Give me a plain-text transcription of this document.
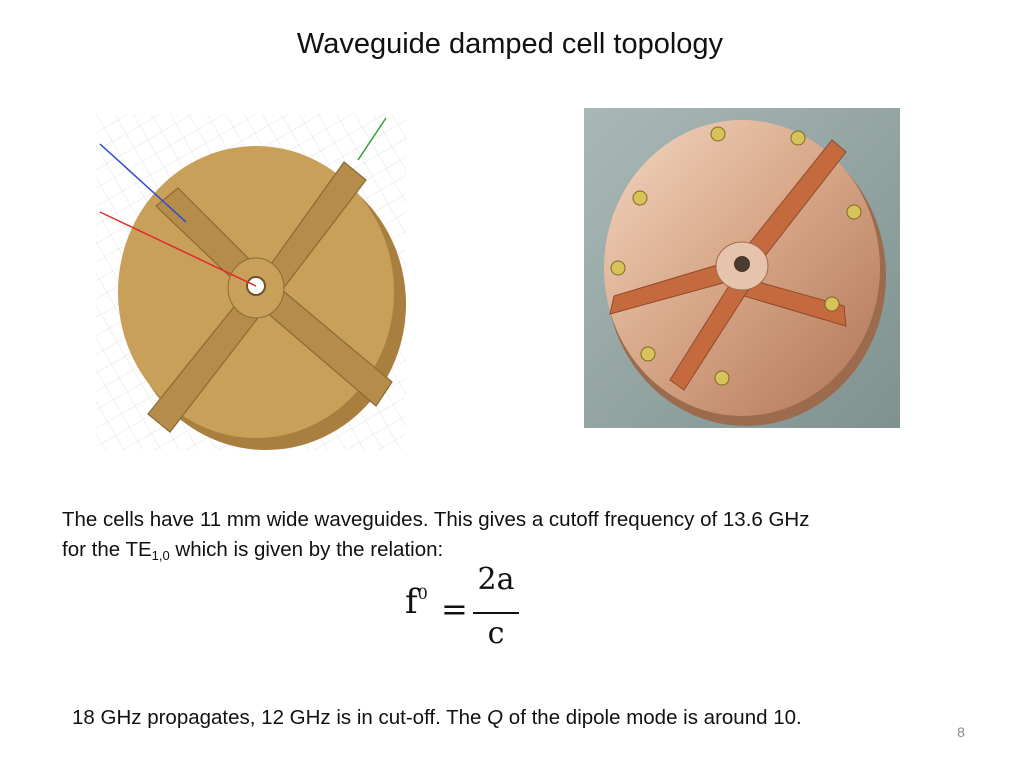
Waveguide damped cell topology
The cells have 11 mm wide waveguides. This gives a cutoff frequency of 13.6 GHz
for the $TE_{1,0}$ which is given by the relation:
$f^0$ =
2a
c
18 GHz propagates, 12 GHz is in cut-off. The Q of the dipole mode is around 10.
8
